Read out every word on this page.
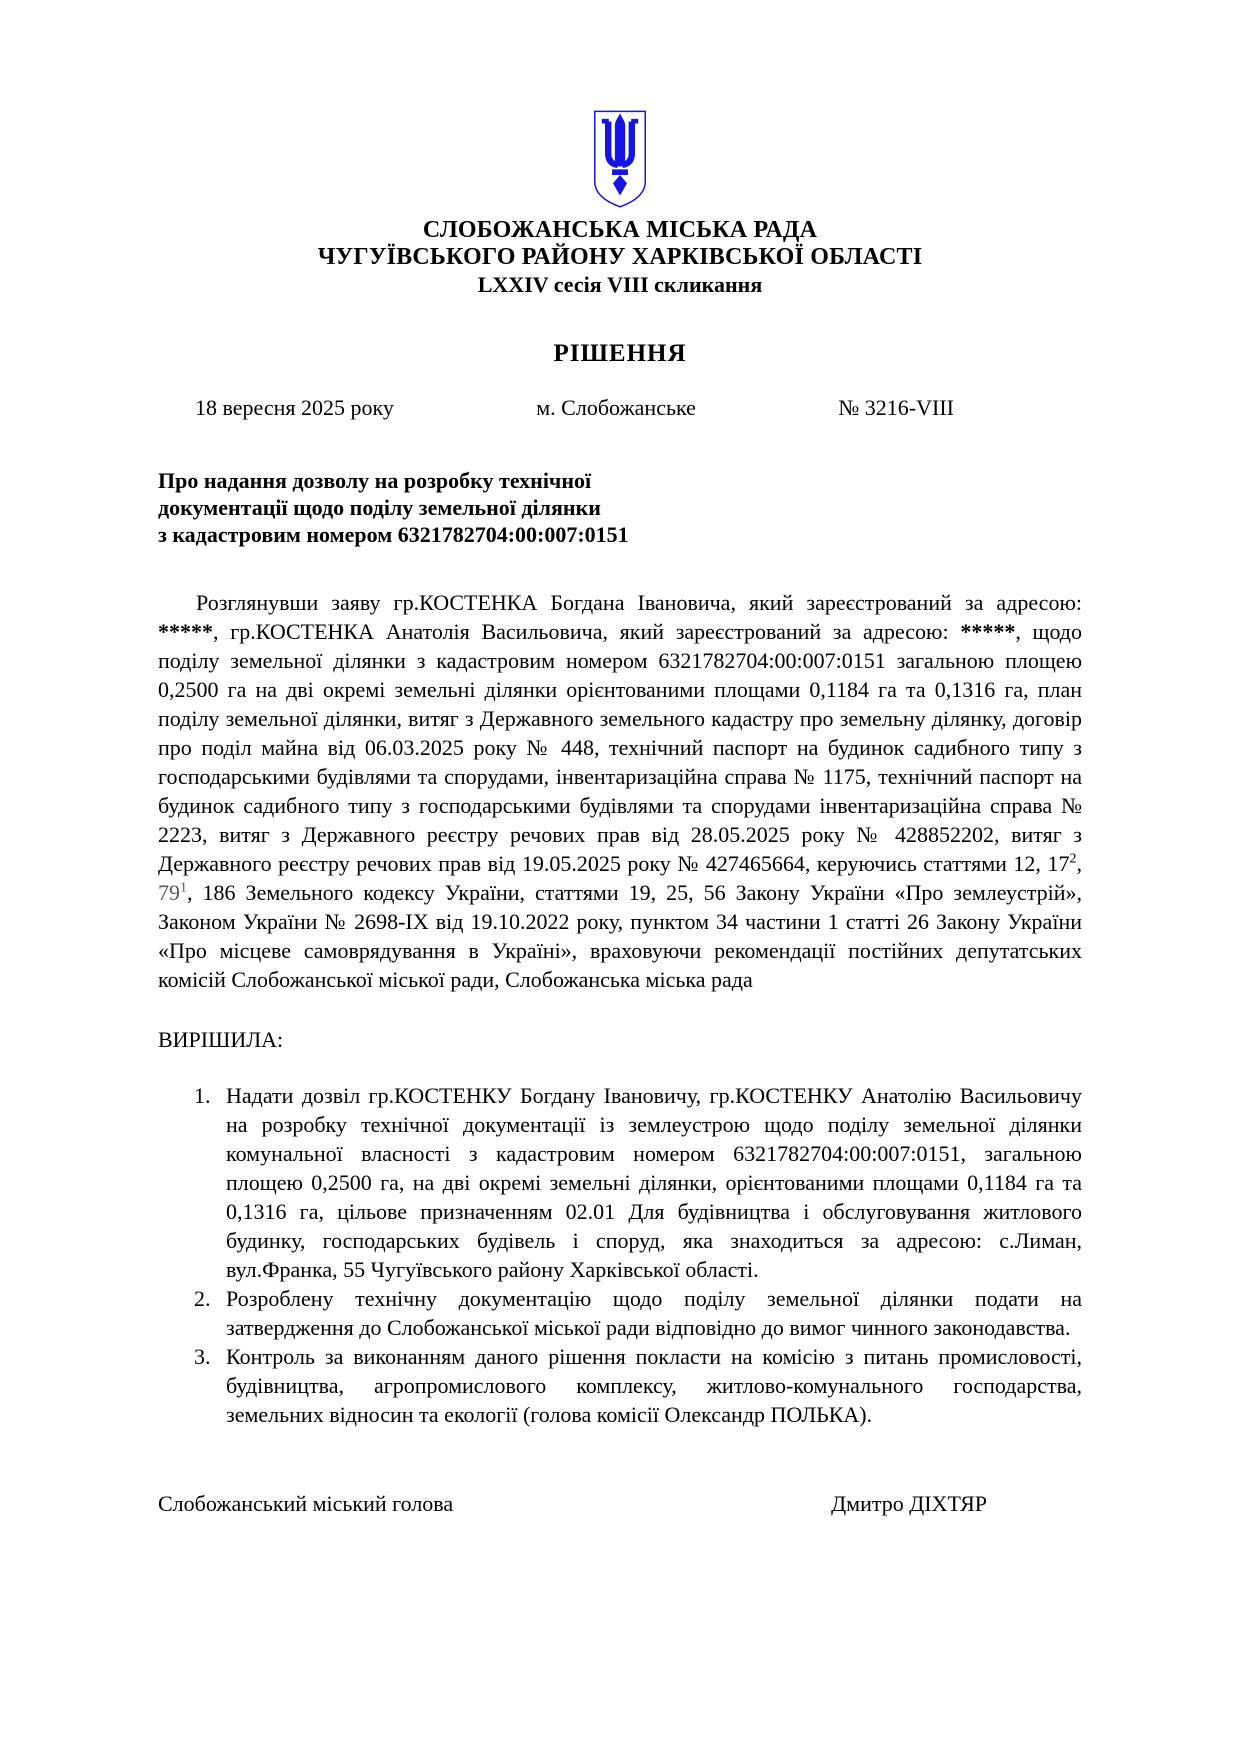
СЛОБОЖАНСЬКА МІСЬКА РАДА
ЧУГУЇВСЬКОГО РАЙОНУ ХАРКІВСЬКОЇ ОБЛАСТІ
LXXIV сесія VIII скликання
РІШЕННЯ
18 вересня 2025 року	м. Слобожанське	№ 3216-VIII
Про надання дозволу на розробку технічної
документації щодо поділу земельної ділянки
з кадастровим номером 6321782704:00:007:0151
Розглянувши заяву гр.КОСТЕНКА Богдана Івановича, який зареєстрований за адресою: *****, гр.КОСТЕНКА Анатолія Васильовича, який зареєстрований за адресою: *****, щодо поділу земельної ділянки з кадастровим номером 6321782704:00:007:0151 загальною площею 0,2500 га на дві окремі земельні ділянки орієнтованими площами 0,1184 га та 0,1316 га, план поділу земельної ділянки, витяг з Державного земельного кадастру про земельну ділянку, договір про поділ майна від 06.03.2025 року № 448, технічний паспорт на будинок садибного типу з господарськими будівлями та спорудами, інвентаризаційна справа № 1175, технічний паспорт на будинок садибного типу з господарськими будівлями та спорудами інвентаризаційна справа № 2223, витяг з Державного реєстру речових прав від 28.05.2025 року № 428852202, витяг з Державного реєстру речових прав від 19.05.2025 року № 427465664, керуючись статтями 12, $17^2$, $79^1$, 186 Земельного кодексу України, статтями 19, 25, 56 Закону України «Про землеустрій», Законом України № 2698-IX від 19.10.2022 року, пунктом 34 частини 1 статті 26 Закону України «Про місцеве самоврядування в Україні», враховуючи рекомендації постійних депутатських комісій Слобожанської міської ради, Слобожанська міська рада
ВИРІШИЛА:
1. Надати дозвіл гр.КОСТЕНКУ Богдану Івановичу, гр.КОСТЕНКУ Анатолію Васильовичу на розробку технічної документації із землеустрою щодо поділу земельної ділянки комунальної власності з кадастровим номером 6321782704:00:007:0151, загальною площею 0,2500 га, на дві окремі земельні ділянки, орієнтованими площами 0,1184 га та 0,1316 га, цільове призначенням 02.01 Для будівництва і обслуговування житлового будинку, господарських будівель і споруд, яка знаходиться за адресою: с.Лиман, вул.Франка, 55 Чугуївського району Харківської області.
2. Розроблену технічну документацію щодо поділу земельної ділянки подати на затвердження до Слобожанської міської ради відповідно до вимог чинного законодавства.
3. Контроль за виконанням даного рішення покласти на комісію з питань промисловості, будівництва, агропромислового комплексу, житлово-комунального господарства, земельних відносин та екології (голова комісії Олександр ПОЛЬКА).
Слобожанський міський голова	Дмитро ДІХТЯР
